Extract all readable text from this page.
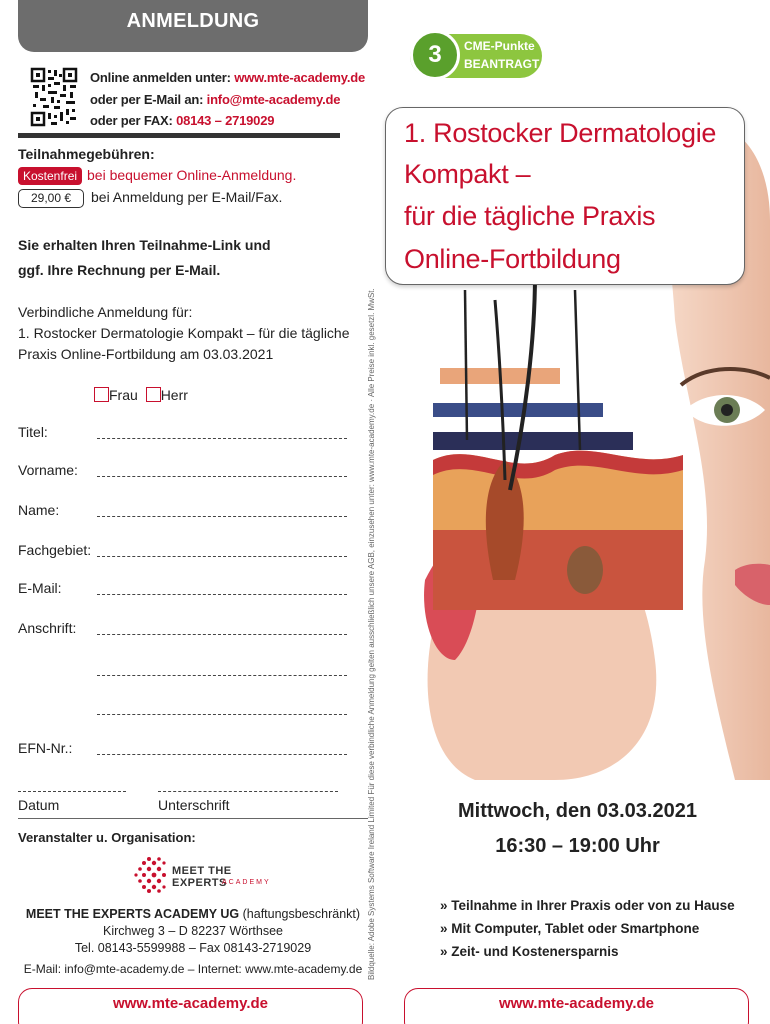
ANMELDUNG
Online anmelden unter: www.mte-academy.de
oder per E-Mail an: info@mte-academy.de
oder per FAX: 08143 – 2719029
Teilnahmegebühren:
Kostenfrei bei bequemer Online-Anmeldung.
29,00 €	bei Anmeldung per E-Mail/Fax.
Sie erhalten Ihren Teilnahme-Link und
ggf. Ihre Rechnung per E-Mail.
Verbindliche Anmeldung für:
1. Rostocker Dermatologie Kompakt – für die tägliche
Praxis Online-Fortbildung am 03.03.2021
Frau Herr
Titel:
Vorname:
Name:
Fachgebiet:
E-Mail:
Anschrift:
EFN-Nr.:
Datum	Unterschrift
Veranstalter u. Organisation:
MEET THE EXPERTS
ACADEMY
MEET THE EXPERTS ACADEMY UG (haftungsbeschränkt)
Kirchweg 3 – D 82237 Wörthsee
Tel. 08143-5599988 – Fax 08143-2719029
E-Mail: info@mte-academy.de – Internet: www.mte-academy.de
www.mte-academy.de
Bildquelle: Adobe Systems Software Ireland Limited Für diese verbindliche Anmeldung gelten ausschließlich unsere AGB, einzusehen unter: www.mte-academy.de · Alle Preise inkl. gesetzl. MwSt.
3	CME-Punkte
BEANTRAGT
1. Rostocker Dermatologie
Kompakt –
für die tägliche Praxis
Online-Fortbildung
Mittwoch, den 03.03.2021
16:30 – 19:00 Uhr
» Teilnahme in Ihrer Praxis oder von zu Hause
» Mit Computer, Tablet oder Smartphone
» Zeit- und Kostenersparnis
www.mte-academy.de
